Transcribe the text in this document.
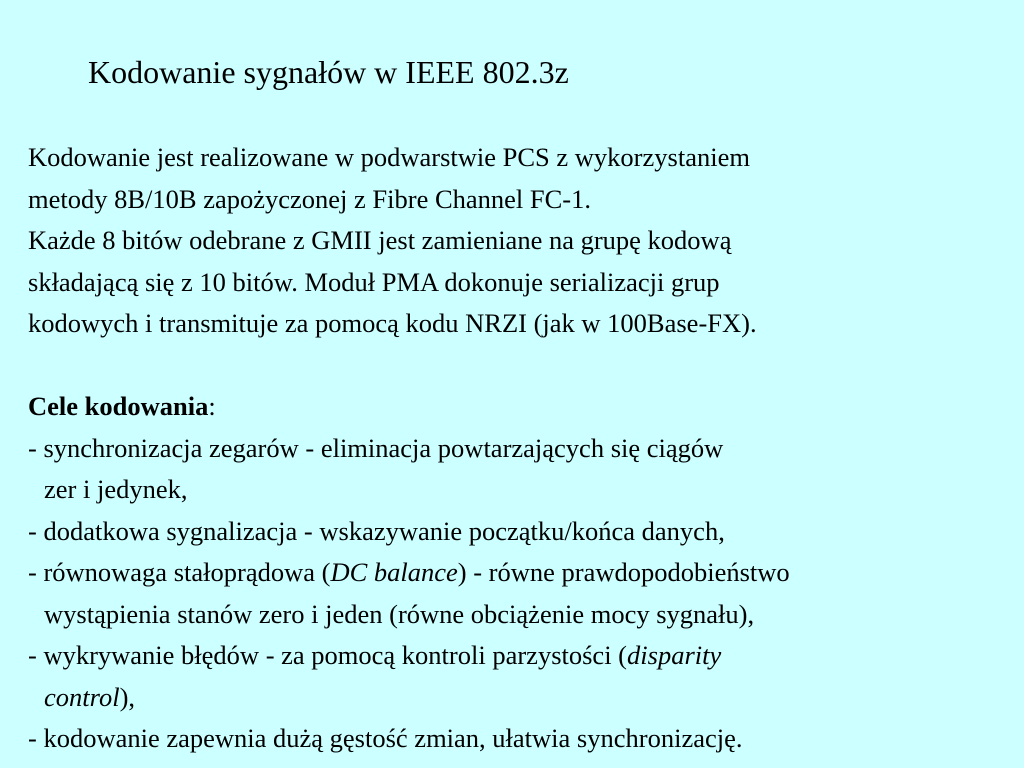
Kodowanie sygnałów w IEEE 802.3z
Kodowanie jest realizowane w podwarstwie PCS z wykorzystaniem
metody 8B/10B zapożyczonej z Fibre Channel FC-1.
Każde 8 bitów odebrane z GMII jest zamieniane na grupę kodową
składającą się z 10 bitów. Moduł PMA dokonuje serializacji grup
kodowych i transmituje za pomocą kodu NRZI (jak w 100Base-FX).
Cele kodowania:
- synchronizacja zegarów - eliminacja powtarzających się ciągów
zer i jedynek,
- dodatkowa sygnalizacja - wskazywanie początku/końca danych,
- równowaga stałoprądowa (DC balance) - równe prawdopodobieństwo
wystąpienia stanów zero i jeden (równe obciążenie mocy sygnału),
- wykrywanie błędów - za pomocą kontroli parzystości (disparity
control),
- kodowanie zapewnia dużą gęstość zmian, ułatwia synchronizację.
